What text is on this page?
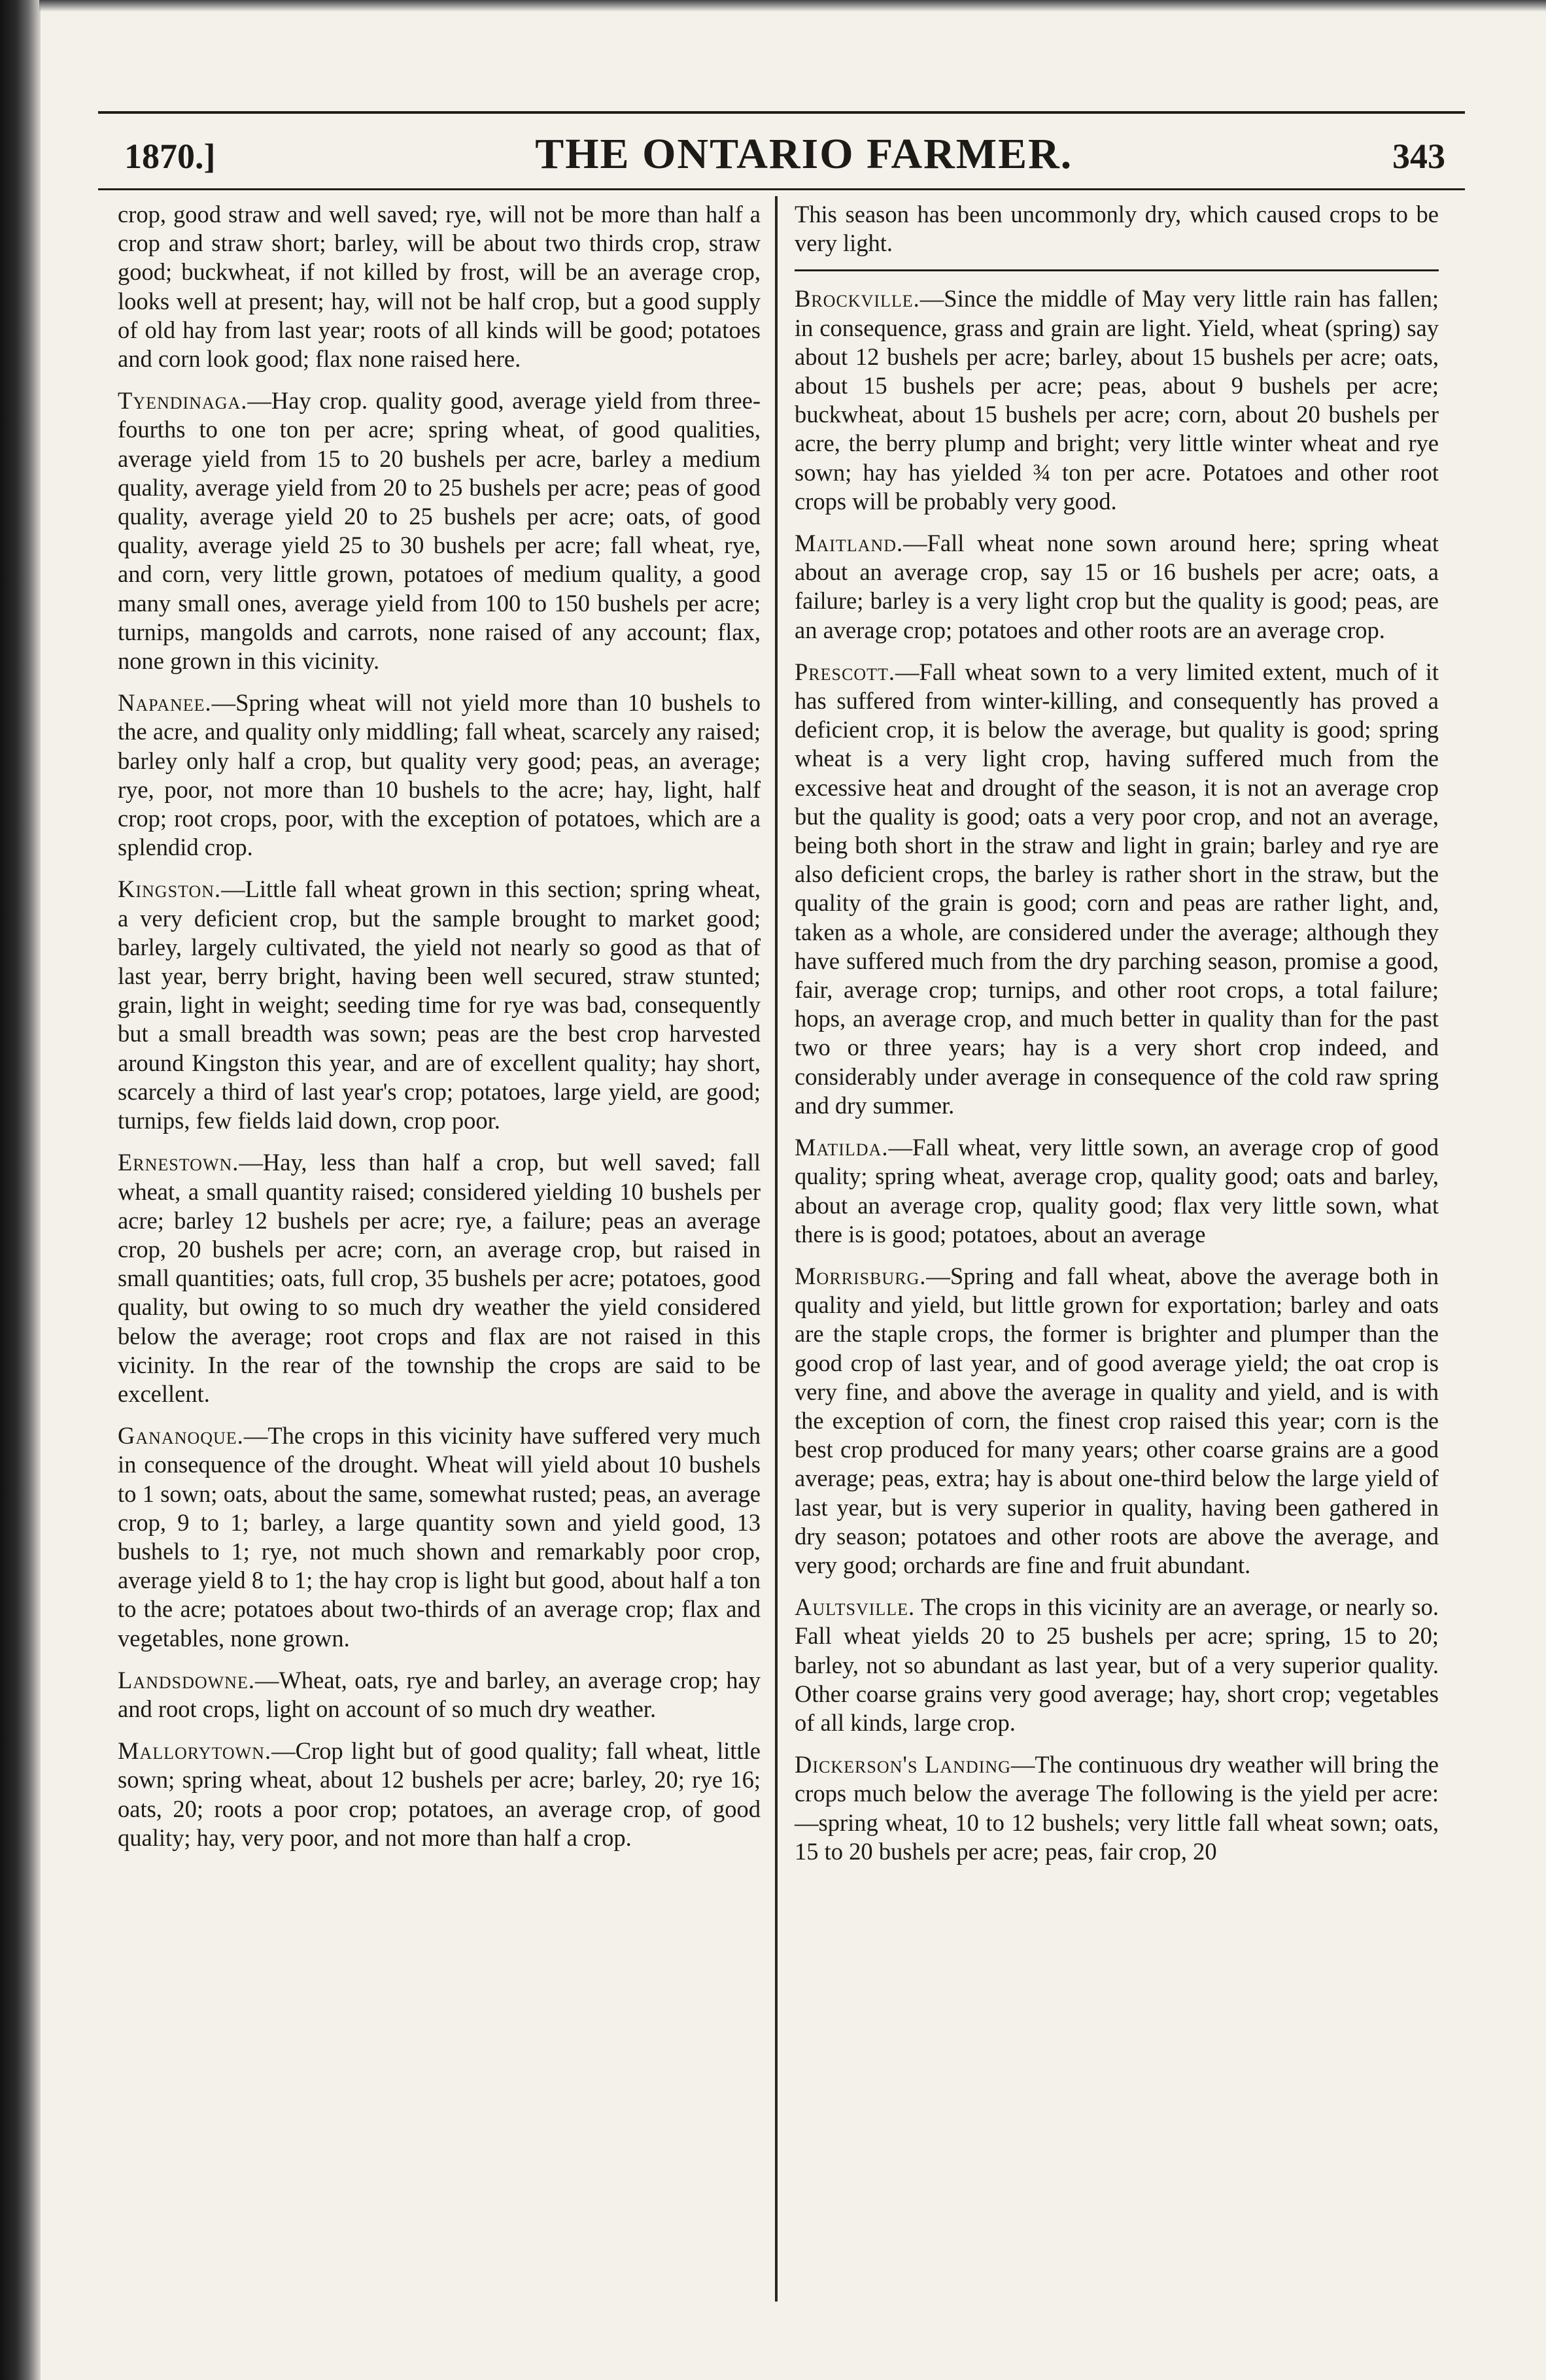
1870.]	THE ONTARIO FARMER.	343

crop, good straw and well saved; rye, will not be more than half a crop and straw short; barley, will be about two thirds crop, straw good; buckwheat, if not killed by frost, will be an average crop, looks well at present; hay, will not be half crop, but a good supply of old hay from last year; roots of all kinds will be good; potatoes and corn look good; flax none raised here.

Tyendinaga.—Hay crop. quality good, average yield from three-fourths to one ton per acre; spring wheat, of good qualities, average yield from 15 to 20 bushels per acre, barley a medium quality, average yield from 20 to 25 bushels per acre; peas of good quality, average yield 20 to 25 bushels per acre; oats, of good quality, average yield 25 to 30 bushels per acre; fall wheat, rye, and corn, very little grown, potatoes of medium quality, a good many small ones, average yield from 100 to 150 bushels per acre; turnips, mangolds and carrots, none raised of any account; flax, none grown in this vicinity.

Napanee.—Spring wheat will not yield more than 10 bushels to the acre, and quality only middling; fall wheat, scarcely any raised; barley only half a crop, but quality very good; peas, an average; rye, poor, not more than 10 bushels to the acre; hay, light, half crop; root crops, poor, with the exception of potatoes, which are a splendid crop.

Kingston.—Little fall wheat grown in this section; spring wheat, a very deficient crop, but the sample brought to market good; barley, largely cultivated, the yield not nearly so good as that of last year, berry bright, having been well secured, straw stunted; grain, light in weight; seeding time for rye was bad, consequently but a small breadth was sown; peas are the best crop harvested around Kingston this year, and are of excellent quality; hay short, scarcely a third of last year's crop; potatoes, large yield, are good; turnips, few fields laid down, crop poor.

Ernestown.—Hay, less than half a crop, but well saved; fall wheat, a small quantity raised; considered yielding 10 bushels per acre; barley 12 bushels per acre; rye, a failure; peas an average crop, 20 bushels per acre; corn, an average crop, but raised in small quantities; oats, full crop, 35 bushels per acre; potatoes, good quality, but owing to so much dry weather the yield considered below the average; root crops and flax are not raised in this vicinity. In the rear of the township the crops are said to be excellent.

Gananoque.—The crops in this vicinity have suffered very much in consequence of the drought. Wheat will yield about 10 bushels to 1 sown; oats, about the same, somewhat rusted; peas, an average crop, 9 to 1; barley, a large quantity sown and yield good, 13 bushels to 1; rye, not much shown and remarkably poor crop, average yield 8 to 1; the hay crop is light but good, about half a ton to the acre; potatoes about two-thirds of an average crop; flax and vegetables, none grown.

Landsdowne.—Wheat, oats, rye and barley, an average crop; hay and root crops, light on account of so much dry weather.

Mallorytown.—Crop light but of good quality; fall wheat, little sown; spring wheat, about 12 bushels per acre; barley, 20; rye 16; oats, 20; roots a poor crop; potatoes, an average crop, of good quality; hay, very poor, and not more than half a crop.

This season has been uncommonly dry, which caused crops to be very light.

Brockville.—Since the middle of May very little rain has fallen; in consequence, grass and grain are light. Yield, wheat (spring) say about 12 bushels per acre; barley, about 15 bushels per acre; oats, about 15 bushels per acre; peas, about 9 bushels per acre; buckwheat, about 15 bushels per acre; corn, about 20 bushels per acre, the berry plump and bright; very little winter wheat and rye sown; hay has yielded ¾ ton per acre. Potatoes and other root crops will be probably very good.

Maitland.—Fall wheat none sown around here; spring wheat about an average crop, say 15 or 16 bushels per acre; oats, a failure; barley is a very light crop but the quality is good; peas, are an average crop; potatoes and other roots are an average crop.

Prescott.—Fall wheat sown to a very limited extent, much of it has suffered from winter-killing, and consequently has proved a deficient crop, it is below the average, but quality is good; spring wheat is a very light crop, having suffered much from the excessive heat and drought of the season, it is not an average crop but the quality is good; oats a very poor crop, and not an average, being both short in the straw and light in grain; barley and rye are also deficient crops, the barley is rather short in the straw, but the quality of the grain is good; corn and peas are rather light, and, taken as a whole, are considered under the average; although they have suffered much from the dry parching season, promise a good, fair, average crop; turnips, and other root crops, a total failure; hops, an average crop, and much better in quality than for the past two or three years; hay is a very short crop indeed, and considerably under average in consequence of the cold raw spring and dry summer.

Matilda.—Fall wheat, very little sown, an average crop of good quality; spring wheat, average crop, quality good; oats and barley, about an average crop, quality good; flax very little sown, what there is is good; potatoes, about an average

Morrisburg.—Spring and fall wheat, above the average both in quality and yield, but little grown for exportation; barley and oats are the staple crops, the former is brighter and plumper than the good crop of last year, and of good average yield; the oat crop is very fine, and above the average in quality and yield, and is with the exception of corn, the finest crop raised this year; corn is the best crop produced for many years; other coarse grains are a good average; peas, extra; hay is about one-third below the large yield of last year, but is very superior in quality, having been gathered in dry season; potatoes and other roots are above the average, and very good; orchards are fine and fruit abundant.

Aultsville. The crops in this vicinity are an average, or nearly so. Fall wheat yields 20 to 25 bushels per acre; spring, 15 to 20; barley, not so abundant as last year, but of a very superior quality. Other coarse grains very good average; hay, short crop; vegetables of all kinds, large crop.

Dickerson's Landing—The continuous dry weather will bring the crops much below the average The following is the yield per acre:—spring wheat, 10 to 12 bushels; very little fall wheat sown; oats, 15 to 20 bushels per acre; peas, fair crop, 20
